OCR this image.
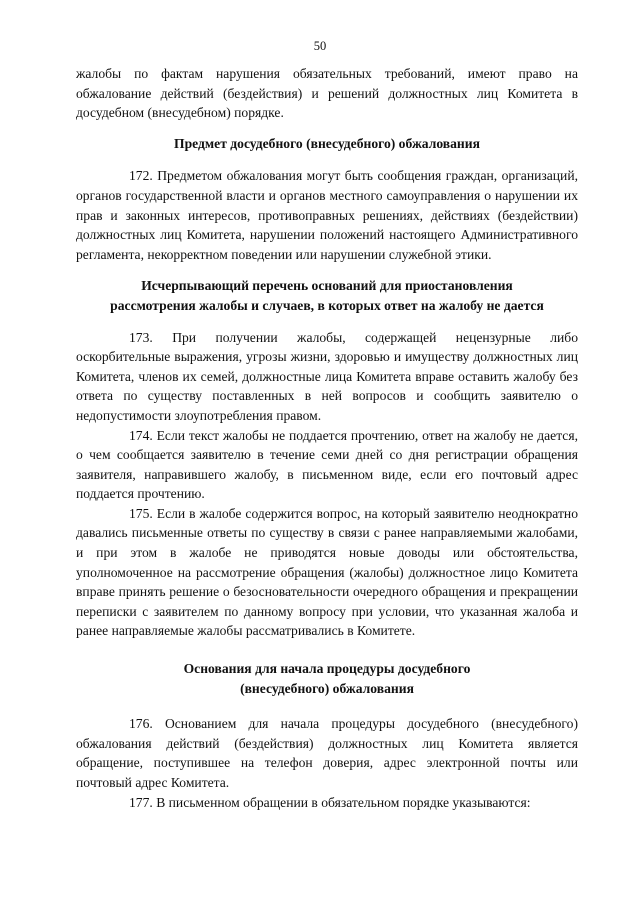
50

жалобы по фактам нарушения обязательных требований, имеют право на обжалование действий (бездействия) и решений должностных лиц Комитета в досудебном (внесудебном) порядке.

Предмет досудебного (внесудебного) обжалования

172. Предметом обжалования могут быть сообщения граждан, организаций, органов государственной власти и органов местного самоуправления о нарушении их прав и законных интересов, противоправных решениях, действиях (бездействии) должностных лиц Комитета, нарушении положений настоящего Административного регламента, некорректном поведении или нарушении служебной этики.

Исчерпывающий перечень оснований для приостановления
рассмотрения жалобы и случаев, в которых ответ на жалобу не дается

173. При получении жалобы, содержащей нецензурные либо оскорбительные выражения, угрозы жизни, здоровью и имуществу должностных лиц Комитета, членов их семей, должностные лица Комитета вправе оставить жалобу без ответа по существу поставленных в ней вопросов и сообщить заявителю о недопустимости злоупотребления правом.

174. Если текст жалобы не поддается прочтению, ответ на жалобу не дается, о чем сообщается заявителю в течение семи дней со дня регистрации обращения заявителя, направившего жалобу, в письменном виде, если его почтовый адрес поддается прочтению.

175. Если в жалобе содержится вопрос, на который заявителю неоднократно давались письменные ответы по существу в связи с ранее направляемыми жалобами, и при этом в жалобе не приводятся новые доводы или обстоятельства, уполномоченное на рассмотрение обращения (жалобы) должностное лицо Комитета вправе принять решение о безосновательности очередного обращения и прекращении переписки с заявителем по данному вопросу при условии, что указанная жалоба и ранее направляемые жалобы рассматривались в Комитете.

Основания для начала процедуры досудебного
(внесудебного) обжалования

176. Основанием для начала процедуры досудебного (внесудебного) обжалования действий (бездействия) должностных лиц Комитета является обращение, поступившее на телефон доверия, адрес электронной почты или почтовый адрес Комитета.

177. В письменном обращении в обязательном порядке указываются:
